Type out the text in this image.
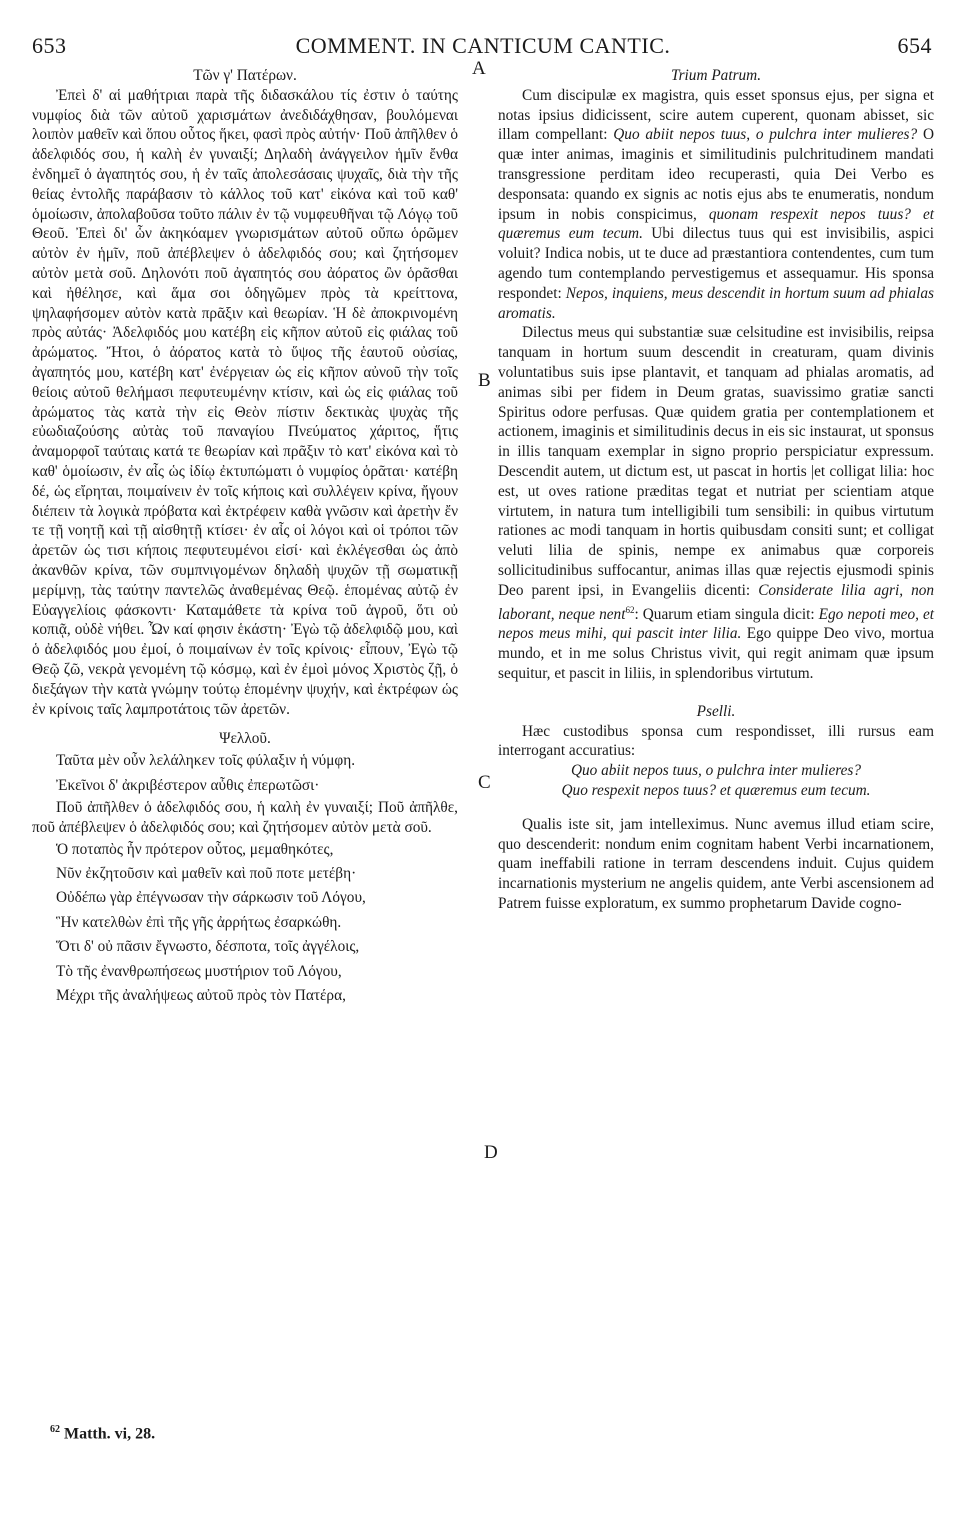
653	COMMENT. IN CANTICUM CANTIC.	654

Τῶν γ' Πατέρων.

Ἐπεὶ δ' αἱ μαθήτριαι παρὰ τῆς διδασκάλου τίς ἐστιν ὁ ταύτης νυμφίος διὰ τῶν αὐτοῦ χαρισμάτων ἀνεδιδάχθησαν, βουλόμεναι λοιπὸν μαθεῖν καὶ ὅπου οὗτος ἥκει, φασὶ πρὸς αὐτήν· Ποῦ ἀπῆλθεν ὁ ἀδελφιδός σου, ἡ καλὴ ἐν γυναιξί; Δηλαδὴ ἀνάγγειλον ἡμῖν ἔνθα ἐνδημεῖ ὁ ἀγαπητός σου, ἡ ἐν ταῖς ἀπολεσάσαις ψυχαῖς, διὰ τὴν τῆς θείας ἐντολῆς παράβασιν τὸ κάλλος τοῦ κατ' εἰκόνα καὶ τοῦ καθ' ὁμοίωσιν, ἀπολαβοῦσα τοῦτο πάλιν ἐν τῷ νυμφευθῆναι τῷ Λόγῳ τοῦ Θεοῦ. Ἐπεὶ δι' ὧν ἀκηκόαμεν γνωρισμάτων αὐτοῦ οὔπω ὁρῶμεν αὐτὸν ἐν ἡμῖν, ποῦ ἀπέβλεψεν ὁ ἀδελφιδός σου; καὶ ζητήσομεν αὐτὸν μετὰ σοῦ. Δηλονότι ποῦ ἀγαπητός σου ἀόρατος ὢν ὁρᾶσθαι καὶ ἠθέλησε, καὶ ἅμα σοι ὁδηγῶμεν πρὸς τὰ κρείττονα, ψηλαφήσομεν αὐτὸν κατὰ πρᾶξιν καὶ θεωρίαν. Ἡ δὲ ἀποκρινομένη πρὸς αὐτάς· Ἀδελφιδός μου κατέβη εἰς κῆπον αὐτοῦ εἰς φιάλας τοῦ ἀρώματος. Ἤτοι, ὁ ἀόρατος κατὰ τὸ ὕψος τῆς ἑαυτοῦ οὐσίας, ἀγαπητός μου, κατέβη κατ' ἐνέργειαν ὡς εἰς κῆπον αὐνοῦ τὴν τοῖς θείοις αὐτοῦ θελήμασι πεφυτευμένην κτίσιν, καὶ ὡς εἰς φιάλας τοῦ ἀρώματος τὰς κατὰ τὴν εἰς Θεὸν πίστιν δεκτικὰς ψυχὰς τῆς εὐωδιαζούσης αὐτὰς τοῦ παναγίου Πνεύματος χάριτος, ἥτις ἀναμορφοῖ ταύταις κατά τε θεωρίαν καὶ πρᾶξιν τὸ κατ' εἰκόνα καὶ τὸ καθ' ὁμοίωσιν, ἐν αἷς ὡς ἰδίῳ ἐκτυπώματι ὁ νυμφίος ὁρᾶται· κατέβη δέ, ὡς εἴρηται, ποιμαίνειν ἐν τοῖς κήποις καὶ συλλέγειν κρίνα, ἤγουν διέπειν τὰ λογικὰ πρόβατα καὶ ἐκτρέφειν καθὰ γνῶσιν καὶ ἀρετὴν ἔν τε τῇ νοητῇ καὶ τῇ αἰσθητῇ κτίσει· ἐν αἷς οἱ λόγοι καὶ οἱ τρόποι τῶν ἀρετῶν ὡς τισι κήποις πεφυτευμένοι εἰσί· καὶ ἐκλέγεσθαι ὡς ἀπὸ ἀκανθῶν κρίνα, τῶν συμπνιγομένων δηλαδὴ ψυχῶν τῇ σωματικῇ μερίμνῃ, τὰς ταύτην παντελῶς ἀναθεμένας Θεῷ. ἑπομένας αὐτῷ ἐν Εὐαγγελίοις φάσκοντι· Καταμάθετε τὰ κρίνα τοῦ ἀγροῦ, ὅτι οὐ κοπιᾷ, οὐδὲ νήθει. Ὧν καί φησιν ἑκάστη· Ἐγὼ τῷ ἀδελφιδῷ μου, καὶ ὁ ἀδελφιδός μου ἐμοί, ὁ ποιμαίνων ἐν τοῖς κρίνοις· εἶπουν, Ἐγὼ τῷ Θεῷ ζῶ, νεκρὰ γενομένη τῷ κόσμῳ, καὶ ἐν ἐμοὶ μόνος Χριστὸς ζῇ, ὁ διεξάγων τὴν κατὰ γνώμην τούτῳ ἑπομένην ψυχήν, καὶ ἐκτρέφων ὡς ἐν κρίνοις ταῖς λαμπροτάτοις τῶν ἀρετῶν.

Ψελλοῦ.

Ταῦτα μὲν οὖν λελάληκεν τοῖς φύλαξιν ἡ νύμφη.
Ἐκεῖνοι δ' ἀκριβέστερον αὖθις ἐπερωτῶσι·

Ποῦ ἀπῆλθεν ὁ ἀδελφιδός σου, ἡ καλὴ ἐν γυναιξί; Ποῦ ἀπῆλθε, ποῦ ἀπέβλεψεν ὁ ἀδελφιδός σου; καὶ ζητήσομεν αὐτὸν μετὰ σοῦ.

Ὁ ποταπὸς ἦν πρότερον οὗτος, μεμαθηκότες,
Νῦν ἐκζητοῦσιν καὶ μαθεῖν καὶ ποῦ ποτε μετέβη·
Οὐδέπω γὰρ ἐπέγνωσαν τὴν σάρκωσιν τοῦ Λόγου,
Ἣν κατελθὼν ἐπὶ τῆς γῆς ἀρρήτως ἐσαρκώθη.
Ὅτι δ' οὐ πᾶσιν ἔγνωστο, δέσποτα, τοῖς ἀγγέλοις,
Τὸ τῆς ἐνανθρωπήσεως μυστήριον τοῦ Λόγου,
Μέχρι τῆς ἀναλήψεως αὐτοῦ πρὸς τὸν Πατέρα,

Trium Patrum.

Cum discipulæ ex magistra, quis esset sponsus ejus, per signa et notas ipsius didicissent, scire autem cuperent, quonam abisset, sic illam compellant: Quo abiit nepos tuus, o pulchra inter mulieres? O quæ inter animas, imaginis et similitudinis pulchritudinem mandati transgressione perditam ideo recuperasti, quia Dei Verbo es desponsata: quando ex signis ac notis ejus abs te enumeratis, nondum ipsum in nobis conspicimus, quonam respexit nepos tuus? et quæremus eum tecum. Ubi dilectus tuus qui est invisibilis, aspici voluit? Indica nobis, ut te duce ad præstantiora contendentes, cum tum agendo tum contemplando pervestigemus et assequamur. His sponsa respondet: Nepos, inquiens, meus descendit in hortum suum ad phialas aromatis.

Dilectus meus qui substantiæ suæ celsitudine est invisibilis, reipsa tanquam in hortum suum descendit in creaturam, quam divinis voluntatibus suis ipse plantavit, et tanquam ad phialas aromatis, ad animas sibi per fidem in Deum gratas, suavissimo gratiæ sancti Spiritus odore perfusas. Quæ quidem gratia per contemplationem et actionem, imaginis et similitudinis decus in eis sic instaurat, ut sponsus in illis tanquam exemplar in signo proprio perspiciatur expressum. Descendit autem, ut dictum est, ut pascat in hortis |et colligat lilia: hoc est, ut oves ratione præditas tegat et nutriat per scientiam atque virtutem, in natura tum intelligibili tum sensibili: in quibus virtutum rationes ac modi tanquam in hortis quibusdam consiti sunt; et colligat veluti lilia de spinis, nempe ex animabus quæ corporeis sollicitudinibus suffocantur, animas illas quæ rejectis ejusmodi spinis Deo parent ipsi, in Evangeliis dicenti: Considerate lilia agri, non laborant, neque nent$^{62}$: Quarum etiam singula dicit: Ego nepoti meo, et nepos meus mihi, qui pascit inter lilia. Ego quippe Deo vivo, mortua mundo, et in me solus Christus vivit, qui regit animam quæ ipsum sequitur, et pascit in liliis, in splendoribus virtutum.

Pselli.

Hæc custodibus sponsa cum respondisset, illi rursus eam interrogant accuratius:

Quo abiit nepos tuus, o pulchra inter mulieres?

Quo respexit nepos tuus? et quæremus eum tecum.

Qualis iste sit, jam intelleximus. Nunc avemus illud etiam scire, quo descenderit: nondum enim cognitam habent Verbi incarnationem, quam ineffabili ratione in terram descendens induit. Cujus quidem incarnationis mysterium ne angelis quidem, ante Verbi ascensionem ad Patrem fuisse exploratum, ex summo prophetarum Davide cogno-

A
B
C
D
$^{62}$ Matth. vi, 28.
